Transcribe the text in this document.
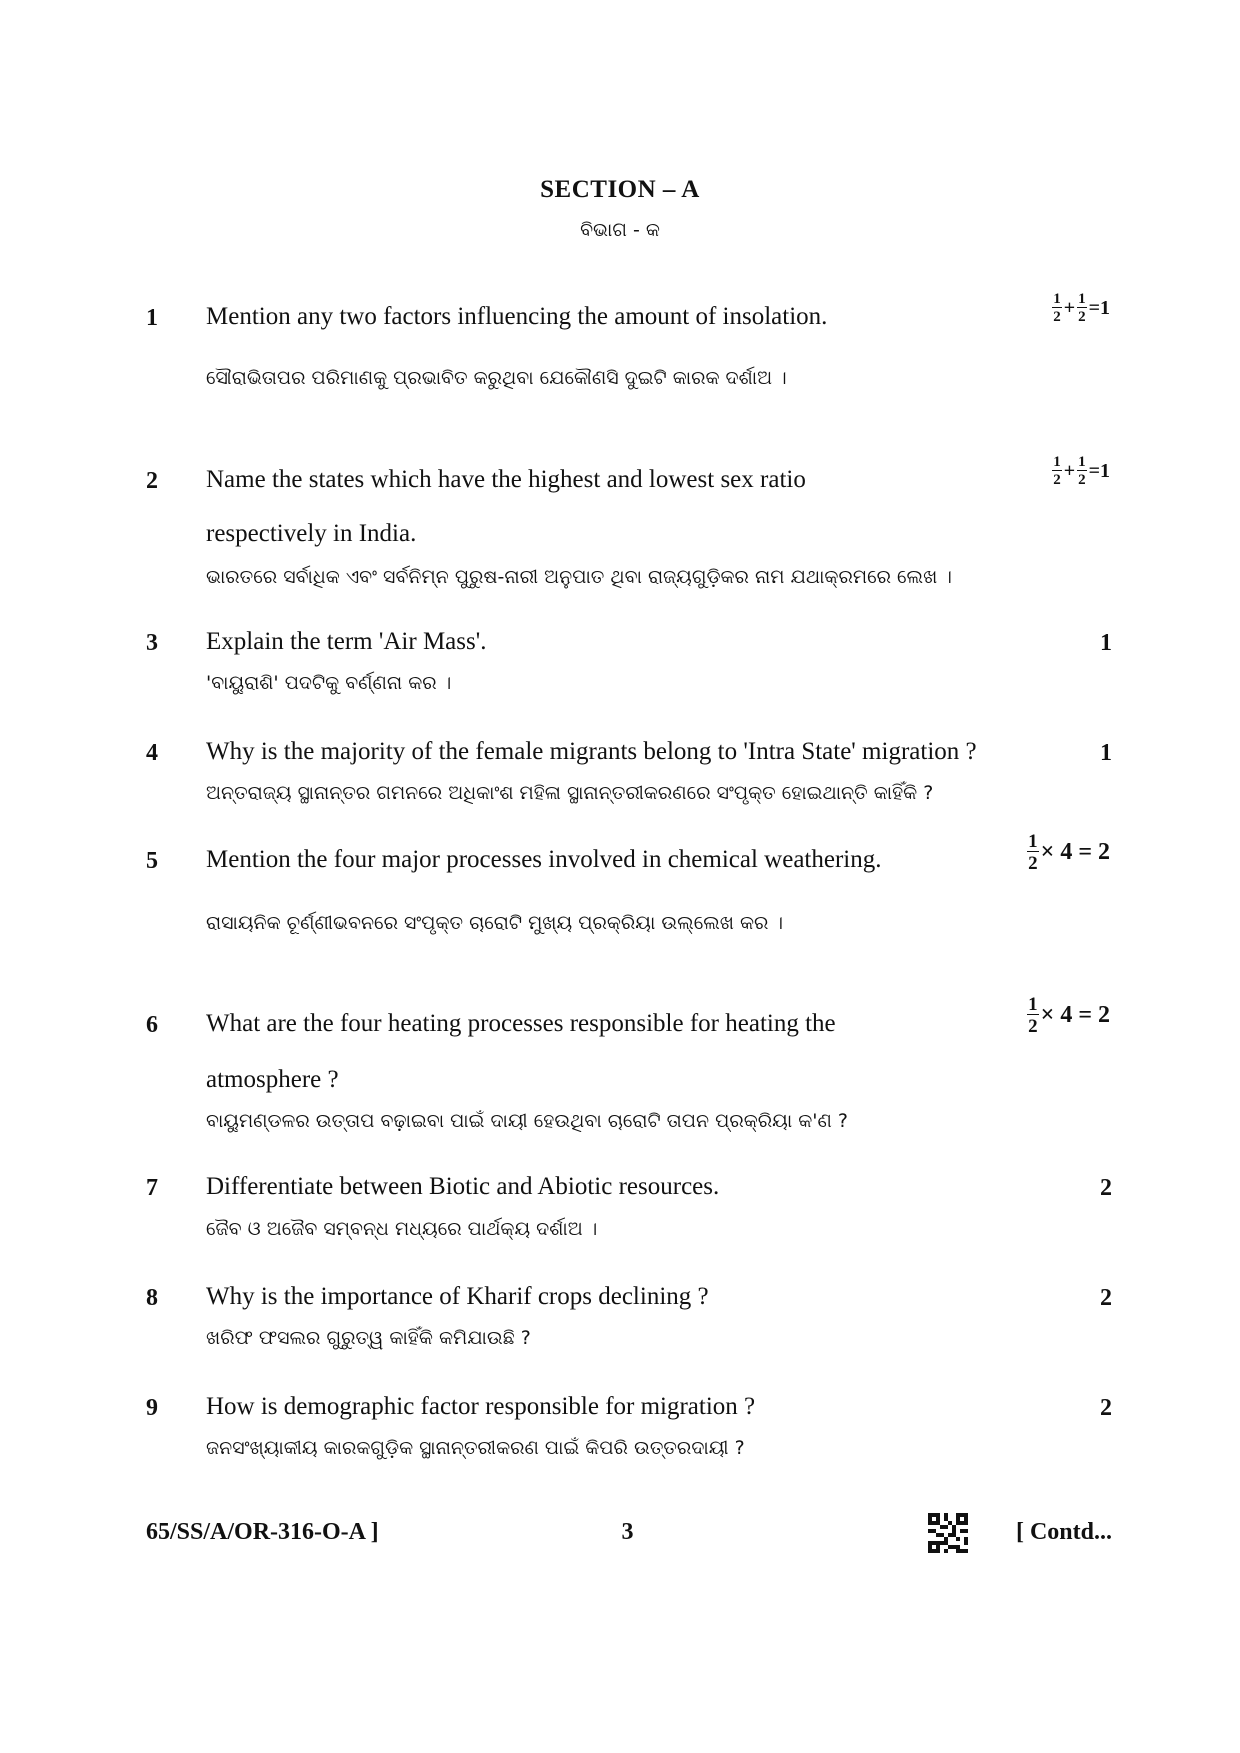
SECTION – A
ବିଭାଗ - କ
1 Mention any two factors influencing the amount of insolation.	$\frac{1}{2} + \frac{1}{2} =1$
ସୌରାଭିତାପର ପରିମାଣକୁ ପ୍ରଭାବିତ କରୁଥିବା ଯେକୌଣସି ଦୁଇଟି କାରକ ଦର୍ଶାଅ ।
2 Name the states which have the highest and lowest sex ratio	$\frac{1}{2} + \frac{1}{2} =1$
respectively in India.
ଭାରତରେ ସର୍ବାଧିକ ଏବଂ ସର୍ବନିମ୍ନ ପୁରୁଷ-ନାରୀ ଅନୁପାତ ଥିବା ରାଜ୍ୟଗୁଡ଼ିକର ନାମ ଯଥାକ୍ରମରେ ଲେଖ ।
3 Explain the term 'Air Mass'.	1
'ବାୟୁରାଶି' ପଦଟିକୁ ବର୍ଣ୍ଣନା କର ।
4 Why is the majority of the female migrants belong to 'Intra State' migration ?	1
ଅନ୍ତରାଜ୍ୟ ସ୍ଥାନାନ୍ତର ଗମନରେ ଅଧିକାଂଶ ମହିଳା ସ୍ଥାନାନ୍ତରୀକରଣରେ ସଂପୃକ୍ତ ହୋଇଥାନ୍ତି କାହିଁକି ?
5 Mention the four major processes involved in chemical weathering.	$\frac{1}{2} \times 4 = 2$
ରାସାୟନିକ ଚୂର୍ଣ୍ଣୀଭବନରେ ସଂପୃକ୍ତ ଚାରୋଟି ମୁଖ୍ୟ ପ୍ରକ୍ରିୟା ଉଲ୍ଲେଖ କର ।
6 What are the four heating processes responsible for heating the	$\frac{1}{2} \times 4 = 2$
atmosphere ?
ବାୟୁମଣ୍ଡଳର ଉତ୍ତାପ ବଢ଼ାଇବା ପାଇଁ ଦାୟୀ ହେଉଥିବା ଚାରୋଟି ତାପନ ପ୍ରକ୍ରିୟା କ'ଣ ?
7 Differentiate between Biotic and Abiotic resources.	2
ଜୈବ ଓ ଅଜୈବ ସମ୍ବନ୍ଧ ମଧ୍ୟରେ ପାର୍ଥକ୍ୟ ଦର୍ଶାଅ ।
8 Why is the importance of Kharif crops declining ?	2
ଖରିଫ ଫସଲର ଗୁରୁତ୍ୱ କାହିଁକି କମିଯାଉଛି ?
9 How is demographic factor responsible for migration ?	2
ଜନସଂଖ୍ୟାକୀୟ କାରକଗୁଡ଼ିକ ସ୍ଥାନାନ୍ତରୀକରଣ ପାଇଁ କିପରି ଉତ୍ତରଦାୟୀ ?
65/SS/A/OR-316-O-A ]	3	[ Contd...
